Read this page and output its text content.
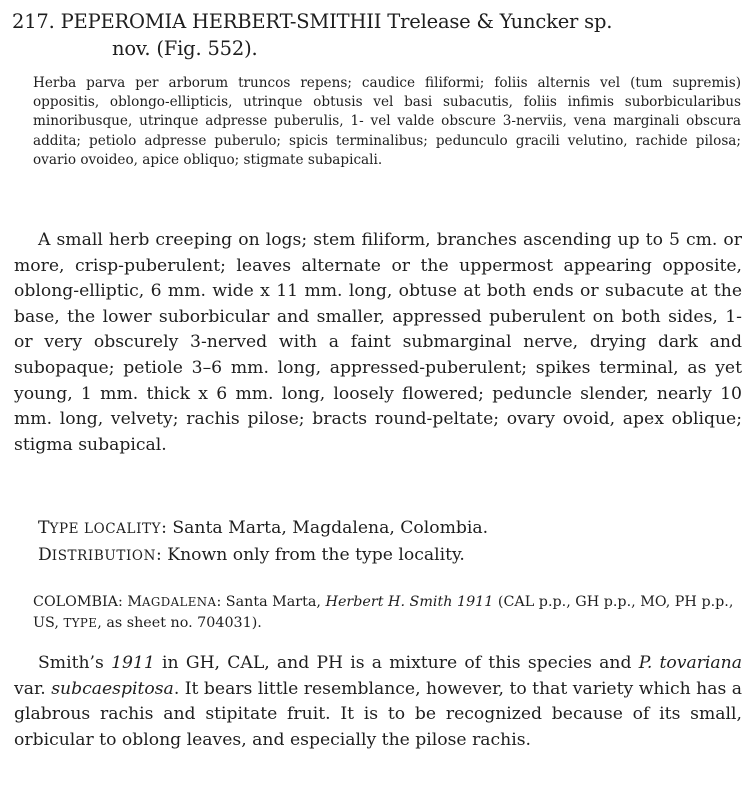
217. PEPEROMIA HERBERT-SMITHII Trelease & Yuncker sp.
nov. (Fig. 552).
Herba parva per arborum truncos repens; caudice filiformi; foliis alternis vel (tum supremis) oppositis, oblongo-ellipticis, utrinque obtusis vel basi subacutis, foliis infimis suborbicularibus minoribusque, utrinque adpresse puberulis, 1- vel valde obscure 3-nerviis, vena marginali obscura addita; petiolo adpresse puberulo; spicis terminalibus; pedunculo gracili velutino, rachide pilosa; ovario ovoideo, apice obliquo; stigmate subapicali.

A small herb creeping on logs; stem filiform, branches ascending up to 5 cm. or more, crisp-puberulent; leaves alternate or the uppermost appearing opposite, oblong-elliptic, 6 mm. wide x 11 mm. long, obtuse at both ends or subacute at the base, the lower suborbicular and smaller, appressed puberulent on both sides, 1- or very obscurely 3-nerved with a faint submarginal nerve, drying dark and subopaque; petiole 3–6 mm. long, appressed-puberulent; spikes terminal, as yet young, 1 mm. thick x 6 mm. long, loosely flowered; peduncle slender, nearly 10 mm. long, velvety; rachis pilose; bracts round-peltate; ovary ovoid, apex oblique; stigma subapical.

TYPE LOCALITY: Santa Marta, Magdalena, Colombia.
DISTRIBUTION: Known only from the type locality.
COLOMBIA: MAGDALENA: Santa Marta, Herbert H. Smith 1911 (CAL p.p., GH p.p., MO, PH p.p., US, TYPE, as sheet no. 704031).

Smith’s 1911 in GH, CAL, and PH is a mixture of this species and P. tovariana var. subcaespitosa. It bears little resemblance, however, to that variety which has a glabrous rachis and stipitate fruit. It is to be recognized because of its small, orbicular to oblong leaves, and especially the pilose rachis.
